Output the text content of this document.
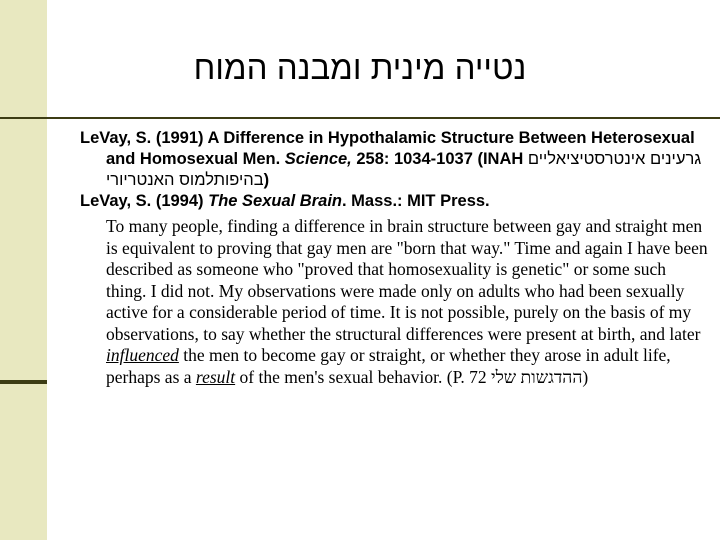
נטייה מינית ומבנה המוח

LeVay, S. (1991) A Difference in Hypothalamic Structure Between Heterosexual and Homosexual Men. Science, 258: 1034-1037 (INAH גרעינים אינטרסטיציאליים בהיפותלמוס האנטריורי)

LeVay, S. (1994) The Sexual Brain. Mass.: MIT Press.

To many people, finding a difference in brain structure between gay and straight men is equivalent to proving that gay men are "born that way." Time and again I have been described as someone who "proved that homosexuality is genetic" or some such thing. I did not. My observations were made only on adults who had been sexually active for a considerable period of time. It is not possible, purely on the basis of my observations, to say whether the structural differences were present at birth, and later influenced the men to become gay or straight, or whether they arose in adult life, perhaps as a result of the men's sexual behavior. (P. 72 ההדגשות שלי)
